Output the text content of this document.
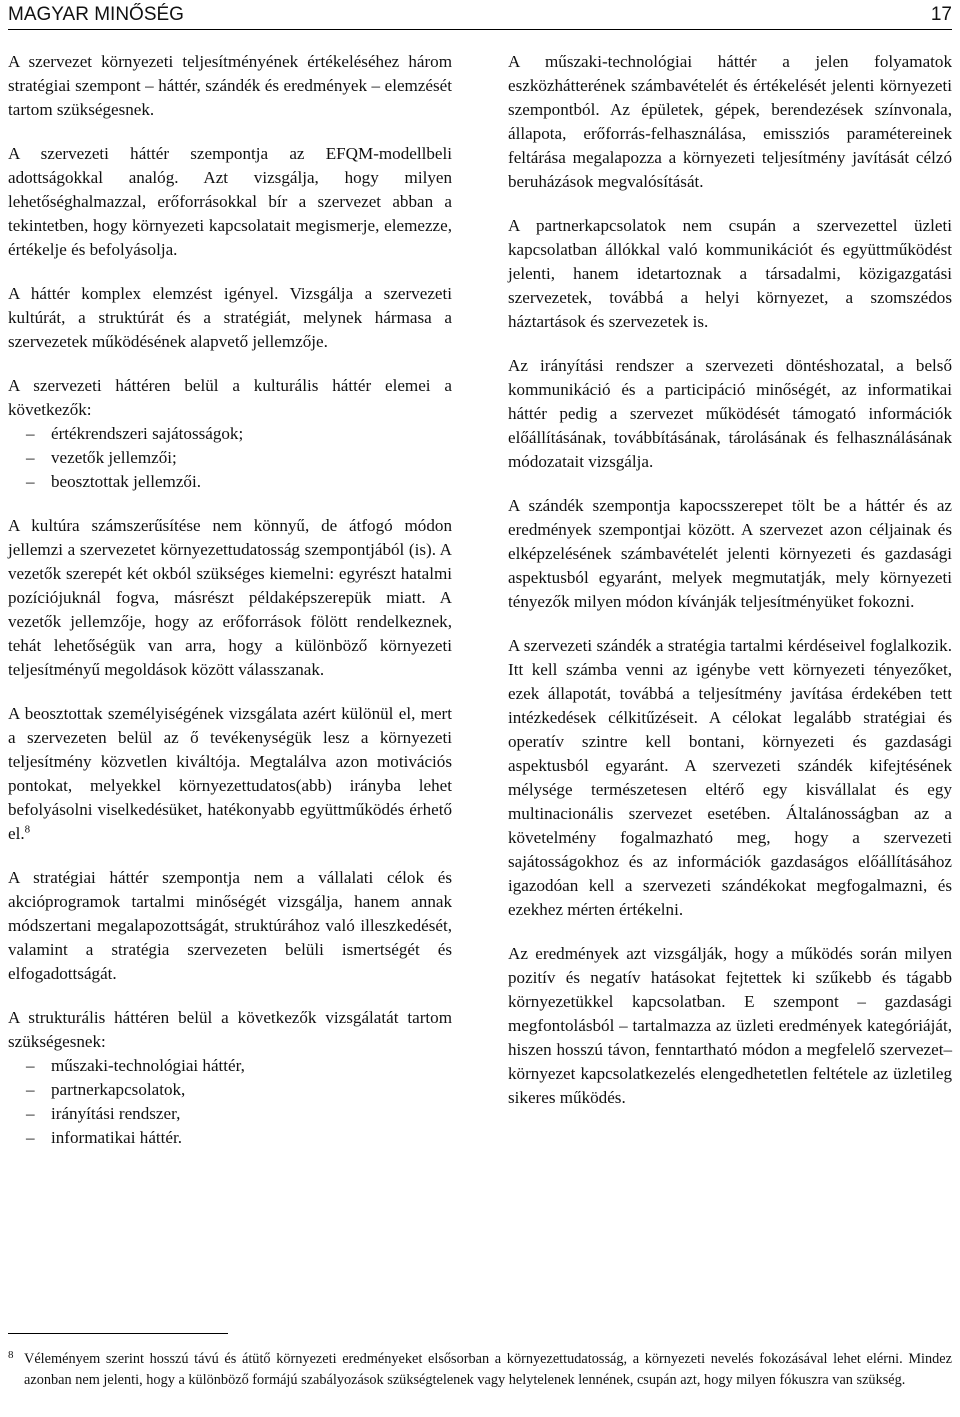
MAGYAR MINŐSÉG	17

A szervezet környezeti teljesítményének értékeléséhez három stratégiai szempont – háttér, szándék és eredmények – elemzését tartom szükségesnek.

A szervezeti háttér szempontja az EFQM-modellbeli adottságokkal analóg. Azt vizsgálja, hogy milyen lehetőséghalmazzal, erőforrásokkal bír a szervezet abban a tekintetben, hogy környezeti kapcsolatait megismerje, elemezze, értékelje és befolyásolja.

A háttér komplex elemzést igényel. Vizsgálja a szervezeti kultúrát, a struktúrát és a stratégiát, melynek hármasa a szervezetek működésének alapvető jellemzője.

A szervezeti háttéren belül a kulturális háttér elemei a következők:

– értékrendszeri sajátosságok;
– vezetők jellemzői;
– beosztottak jellemzői.

A kultúra számszerűsítése nem könnyű, de átfogó módon jellemzi a szervezetet környezettudatosság szempontjából (is). A vezetők szerepét két okból szükséges kiemelni: egyrészt hatalmi pozíciójuknál fogva, másrészt példaképszerepük miatt. A vezetők jellemzője, hogy az erőforrások fölött rendelkeznek, tehát lehetőségük van arra, hogy a különböző környezeti teljesítményű megoldások között válasszanak.

A beosztottak személyiségének vizsgálata azért különül el, mert a szervezeten belül az ő tevékenységük lesz a környezeti teljesítmény közvetlen kiváltója. Megtalálva azon motivációs pontokat, melyekkel környezettudatos(abb) irányba lehet befolyásolni viselkedésüket, hatékonyabb együttműködés érhető el.$^8$

A stratégiai háttér szempontja nem a vállalati célok és akcióprogramok tartalmi minőségét vizsgálja, hanem annak módszertani megalapozottságát, struktúrához való illeszkedését, valamint a stratégia szervezeten belüli ismertségét és elfogadottságát.

A strukturális háttéren belül a következők vizsgálatát tartom szükségesnek:

– műszaki-technológiai háttér,
– partnerkapcsolatok,
– irányítási rendszer,
– informatikai háttér.

A műszaki-technológiai háttér a jelen folyamatok eszközhátterének számbavételét és értékelését jelenti környezeti szempontból. Az épületek, gépek, berendezések színvonala, állapota, erőforrás-felhasználása, emissziós paramétereinek feltárása megalapozza a környezeti teljesítmény javítását célzó beruházások megvalósítását.

A partnerkapcsolatok nem csupán a szervezettel üzleti kapcsolatban állókkal való kommunikációt és együttműködést jelenti, hanem idetartoznak a társadalmi, közigazgatási szervezetek, továbbá a helyi környezet, a szomszédos háztartások és szervezetek is.

Az irányítási rendszer a szervezeti döntéshozatal, a belső kommunikáció és a participáció minőségét, az informatikai háttér pedig a szervezet működését támogató információk előállításának, továbbításának, tárolásának és felhasználásának módozatait vizsgálja.

A szándék szempontja kapocsszerepet tölt be a háttér és az eredmények szempontjai között. A szervezet azon céljainak és elképzelésének számbavételét jelenti környezeti és gazdasági aspektusból egyaránt, melyek megmutatják, mely környezeti tényezők milyen módon kívánják teljesítményüket fokozni.

A szervezeti szándék a stratégia tartalmi kérdéseivel foglalkozik. Itt kell számba venni az igénybe vett környezeti tényezőket, ezek állapotát, továbbá a teljesítmény javítása érdekében tett intézkedések célkitűzéseit. A célokat legalább stratégiai és operatív szintre kell bontani, környezeti és gazdasági aspektusból egyaránt. A szervezeti szándék kifejtésének mélysége természetesen eltérő egy kisvállalat és egy multinacionális szervezet esetében. Általánosságban az a követelmény fogalmazható meg, hogy a szervezeti sajátosságokhoz és az információk gazdaságos előállításához igazodóan kell a szervezeti szándékokat megfogalmazni, és ezekhez mérten értékelni.

Az eredmények azt vizsgálják, hogy a működés során milyen pozitív és negatív hatásokat fejtettek ki szűkebb és tágabb környezetükkel kapcsolatban. E szempont – gazdasági megfontolásból – tartalmazza az üzleti eredmények kategóriáját, hiszen hosszú távon, fenntartható módon a megfelelő szervezet–környezet kapcsolatkezelés elengedhetetlen feltétele az üzletileg sikeres működés.

8 Véleményem szerint hosszú távú és átütő környezeti eredményeket elsősorban a környezettudatosság, a környezeti nevelés fokozásával lehet elérni. Mindez azonban nem jelenti, hogy a különböző formájú szabályozások szükségtelenek vagy helytelenek lennének, csupán azt, hogy milyen fókuszra van szükség.
